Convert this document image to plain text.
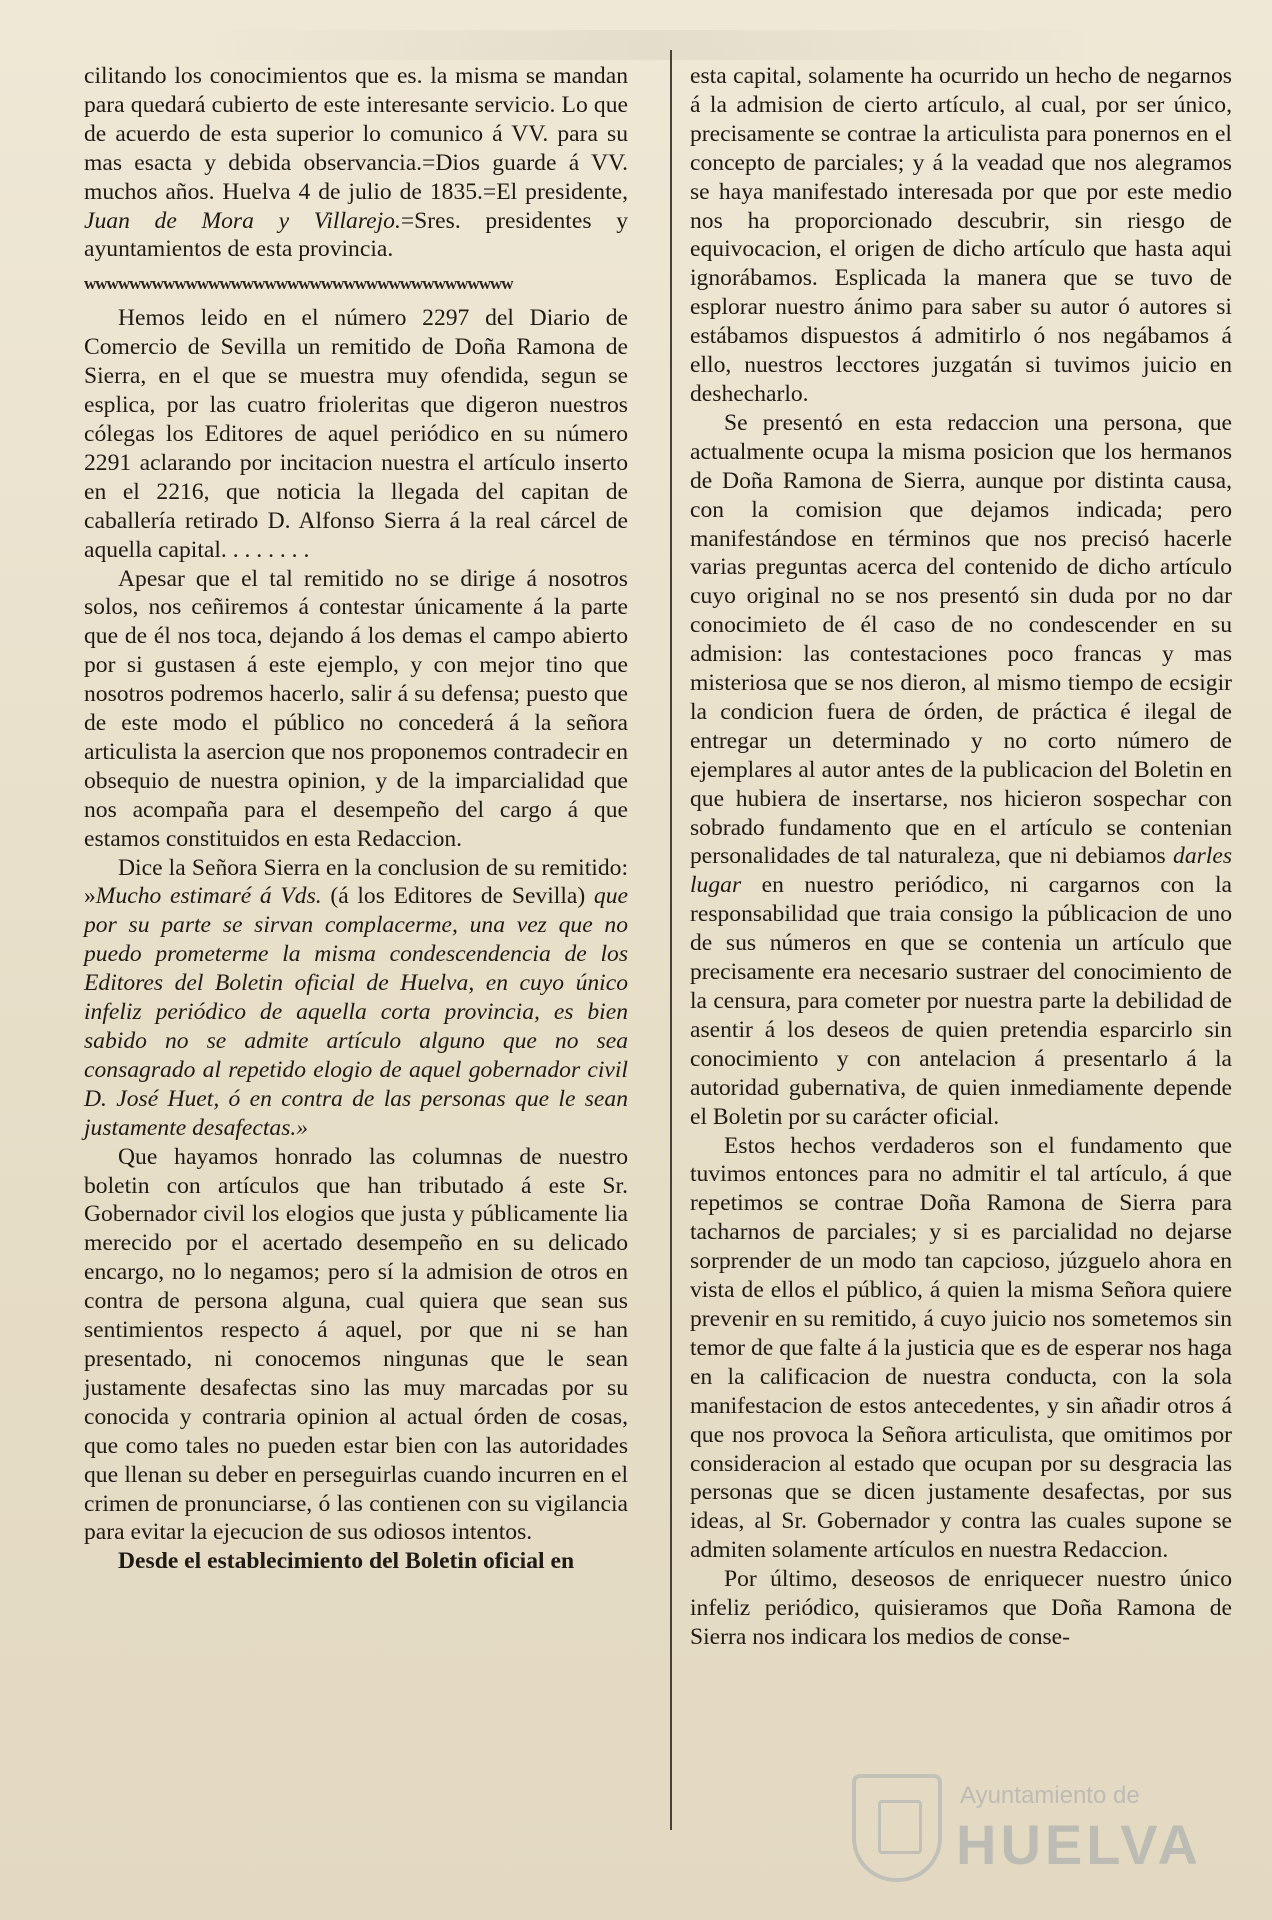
cilitando los conocimientos que es. la misma se mandan para quedará cubierto de este interesante servicio. Lo que de acuerdo de esta superior lo comunico á VV. para su mas esacta y debida observancia.=Dios guarde á VV. muchos años. Huelva 4 de julio de 1835.=El presidente, Juan de Mora y Villarejo.=Sres. presidentes y ayuntamientos de esta provincia.

wwwwwwwwwwwwwwwwwwwwwwwwwwwwwwwwwwwwww

Hemos leido en el número 2297 del Diario de Comercio de Sevilla un remitido de Doña Ramona de Sierra, en el que se muestra muy ofendida, segun se esplica, por las cuatro frioleritas que digeron nuestros cólegas los Editores de aquel periódico en su número 2291 aclarando por incitacion nuestra el artículo inserto en el 2216, que noticia la llegada del capitan de caballería retirado D. Alfonso Sierra á la real cárcel de aquella capital. . . . . . . .

Apesar que el tal remitido no se dirige á nosotros solos, nos ceñiremos á contestar únicamente á la parte que de él nos toca, dejando á los demas el campo abierto por si gustasen á este ejemplo, y con mejor tino que nosotros podremos hacerlo, salir á su defensa; puesto que de este modo el público no concederá á la señora articulista la asercion que nos proponemos contradecir en obsequio de nuestra opinion, y de la imparcialidad que nos acompaña para el desempeño del cargo á que estamos constituidos en esta Redaccion.

Dice la Señora Sierra en la conclusion de su remitido: »Mucho estimaré á Vds. (á los Editores de Sevilla) que por su parte se sirvan complacerme, una vez que no puedo prometerme la misma condescendencia de los Editores del Boletin oficial de Huelva, en cuyo único infeliz periódico de aquella corta provincia, es bien sabido no se admite artículo alguno que no sea consagrado al repetido elogio de aquel gobernador civil D. José Huet, ó en contra de las personas que le sean justamente desafectas.»

Que hayamos honrado las columnas de nuestro boletin con artículos que han tributado á este Sr. Gobernador civil los elogios que justa y públicamente lia merecido por el acertado desempeño en su delicado encargo, no lo negamos; pero sí la admision de otros en contra de persona alguna, cual quiera que sean sus sentimientos respecto á aquel, por que ni se han presentado, ni conocemos ningunas que le sean justamente desafectas sino las muy marcadas por su conocida y contraria opinion al actual órden de cosas, que como tales no pueden estar bien con las autoridades que llenan su deber en perseguirlas cuando incurren en el crimen de pronunciarse, ó las contienen con su vigilancia para evitar la ejecucion de sus odiosos intentos.

Desde el establecimiento del Boletin oficial en

esta capital, solamente ha ocurrido un hecho de negarnos á la admision de cierto artículo, al cual, por ser único, precisamente se contrae la articulista para ponernos en el concepto de parciales; y á la veadad que nos alegramos se haya manifestado interesada por que por este medio nos ha proporcionado descubrir, sin riesgo de equivocacion, el origen de dicho artículo que hasta aqui ignorábamos. Esplicada la manera que se tuvo de esplorar nuestro ánimo para saber su autor ó autores si estábamos dispuestos á admitirlo ó nos negábamos á ello, nuestros lecctores juzgatán si tuvimos juicio en deshecharlo.

Se presentó en esta redaccion una persona, que actualmente ocupa la misma posicion que los hermanos de Doña Ramona de Sierra, aunque por distinta causa, con la comision que dejamos indicada; pero manifestándose en términos que nos precisó hacerle varias preguntas acerca del contenido de dicho artículo cuyo original no se nos presentó sin duda por no dar conocimieto de él caso de no condescender en su admision: las contestaciones poco francas y mas misteriosa que se nos dieron, al mismo tiempo de ecsigir la condicion fuera de órden, de práctica é ilegal de entregar un determinado y no corto número de ejemplares al autor antes de la publicacion del Boletin en que hubiera de insertarse, nos hicieron sospechar con sobrado fundamento que en el artículo se contenian personalidades de tal naturaleza, que ni debiamos darles lugar en nuestro periódico, ni cargarnos con la responsabilidad que traia consigo la públicacion de uno de sus números en que se contenia un artículo que precisamente era necesario sustraer del conocimiento de la censura, para cometer por nuestra parte la debilidad de asentir á los deseos de quien pretendia esparcirlo sin conocimiento y con antelacion á presentarlo á la autoridad gubernativa, de quien inmediamente depende el Boletin por su carácter oficial.

Estos hechos verdaderos son el fundamento que tuvimos entonces para no admitir el tal artículo, á que repetimos se contrae Doña Ramona de Sierra para tacharnos de parciales; y si es parcialidad no dejarse sorprender de un modo tan capcioso, júzguelo ahora en vista de ellos el público, á quien la misma Señora quiere prevenir en su remitido, á cuyo juicio nos sometemos sin temor de que falte á la justicia que es de esperar nos haga en la calificacion de nuestra conducta, con la sola manifestacion de estos antecedentes, y sin añadir otros á que nos provoca la Señora articulista, que omitimos por consideracion al estado que ocupan por su desgracia las personas que se dicen justamente desafectas, por sus ideas, al Sr. Gobernador y contra las cuales supone se admiten solamente artículos en nuestra Redaccion.

Por último, deseosos de enriquecer nuestro único infeliz periódico, quisieramos que Doña Ramona de Sierra nos indicara los medios de conse-

Ayuntamiento de
HUELVA
